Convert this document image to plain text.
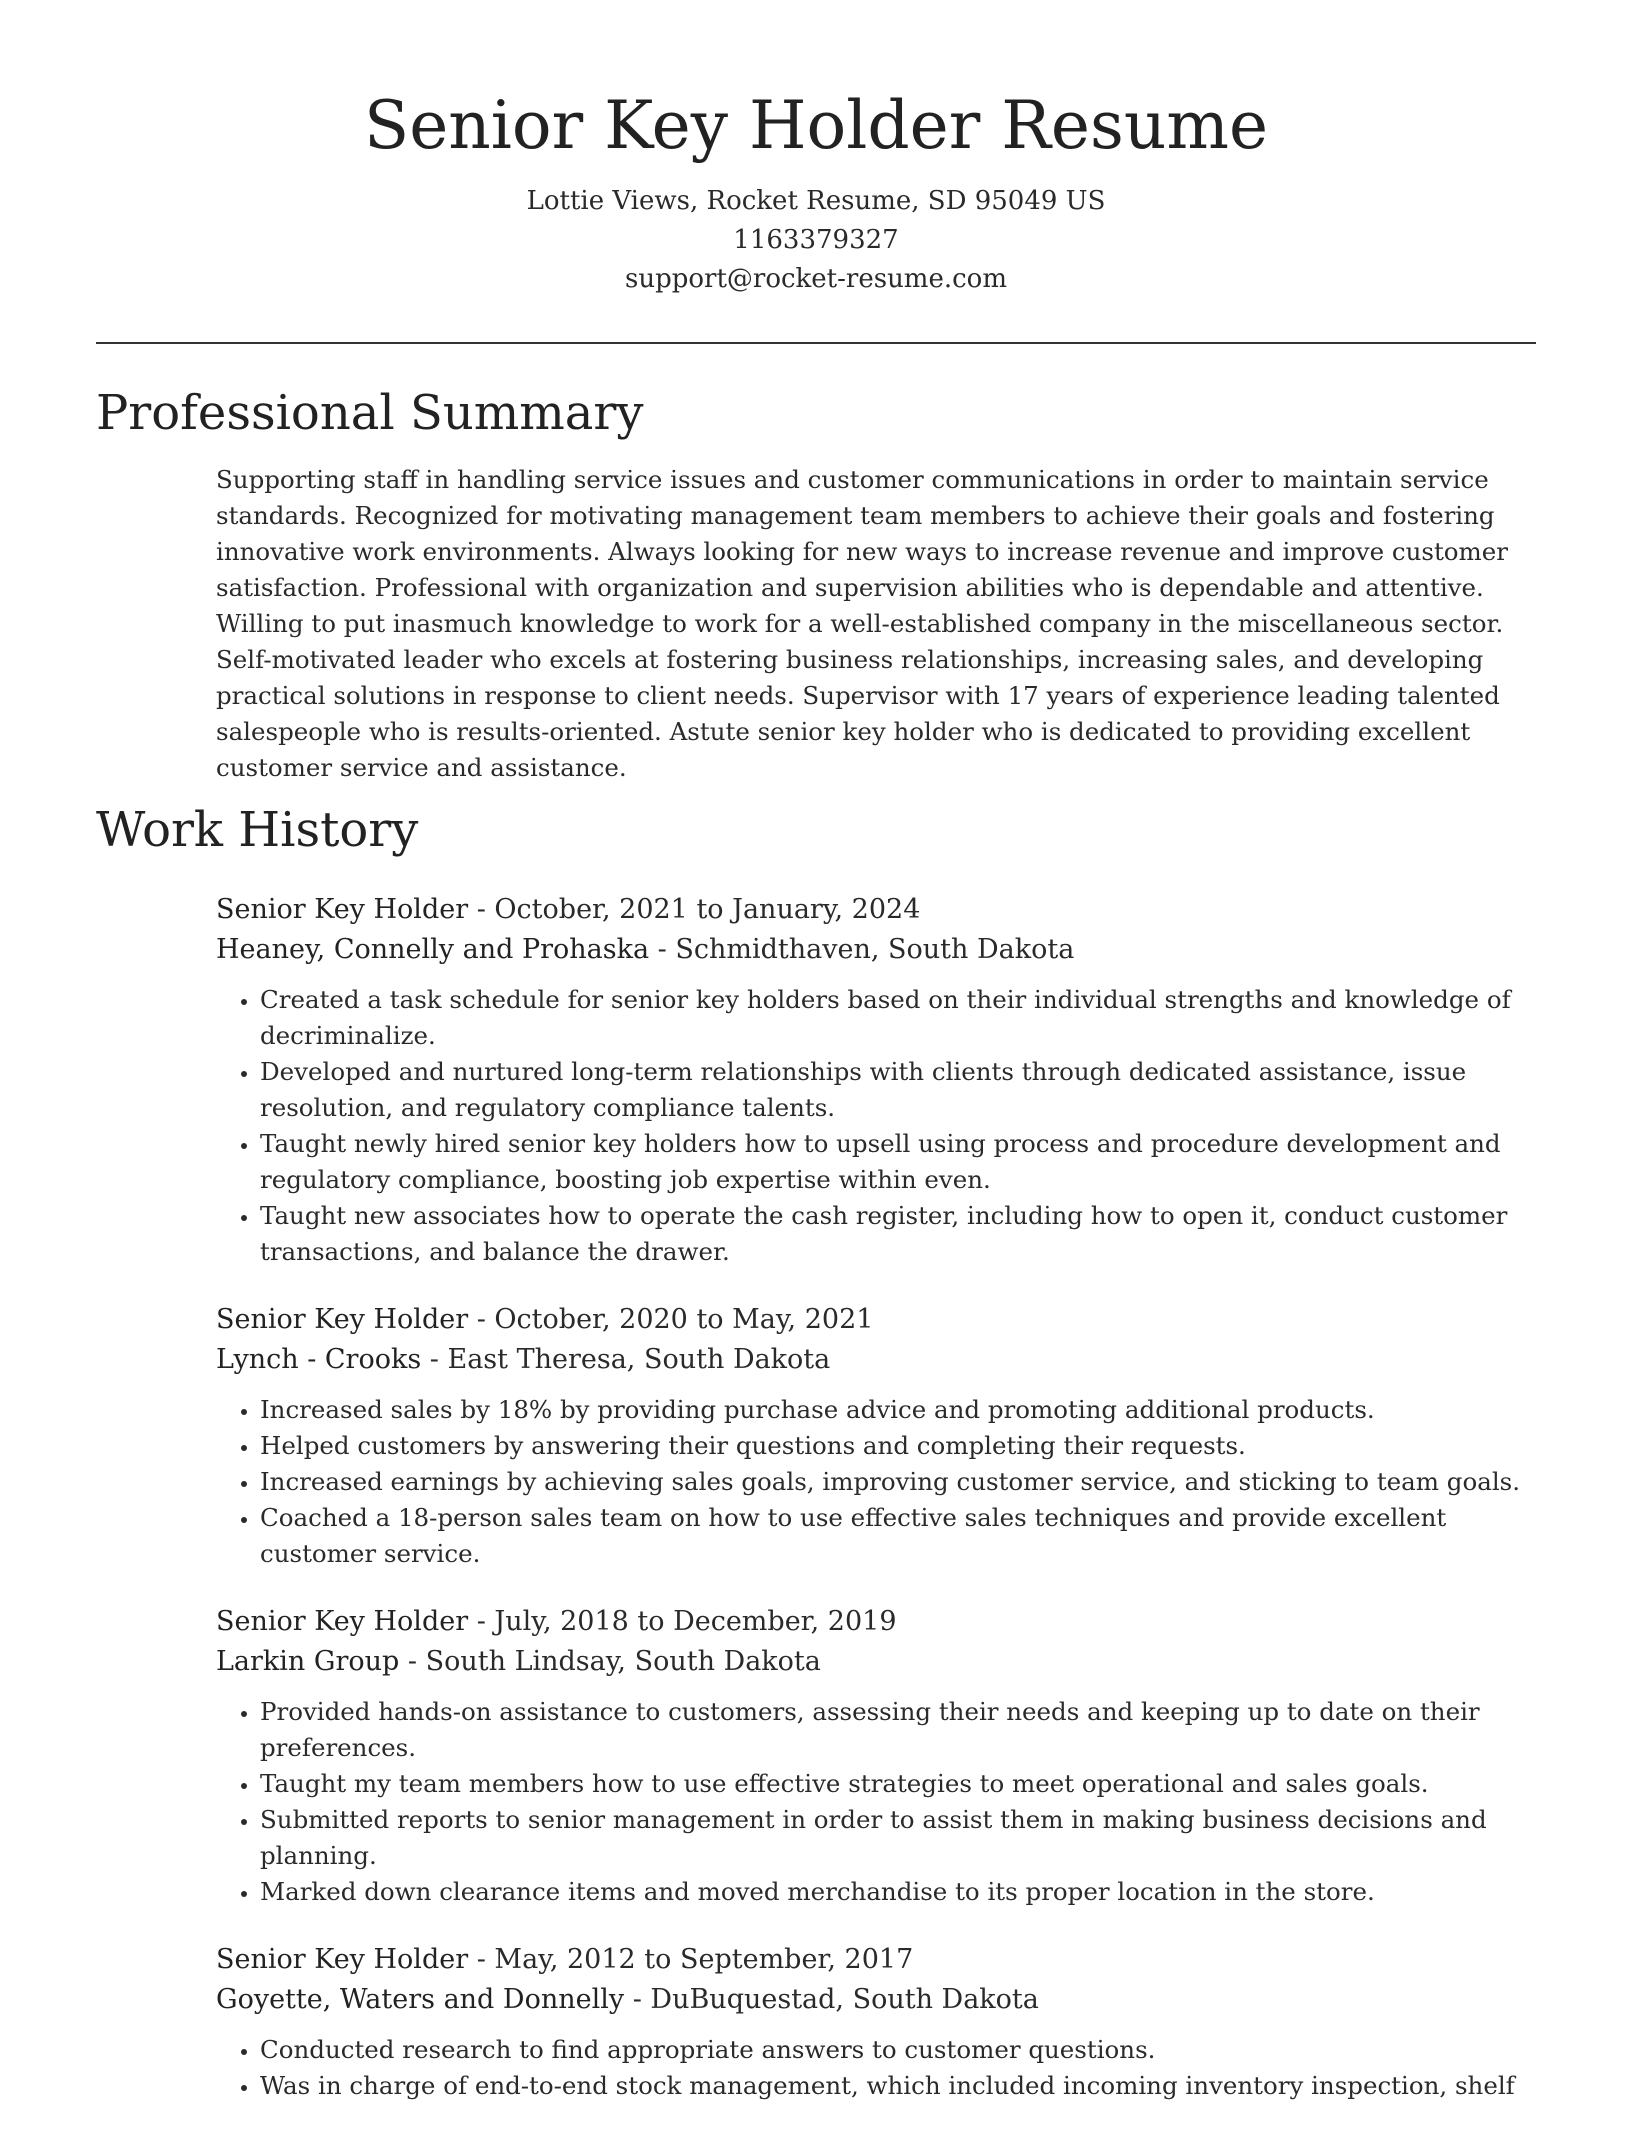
Senior Key Holder Resume
Lottie Views, Rocket Resume, SD 95049 US
1163379327
support@rocket-resume.com
Professional Summary

Supporting staff in handling service issues and customer communications in order to maintain service standards. Recognized for motivating management team members to achieve their goals and fostering innovative work environments. Always looking for new ways to increase revenue and improve customer satisfaction. Professional with organization and supervision abilities who is dependable and attentive. Willing to put inasmuch knowledge to work for a well-established company in the miscellaneous sector. Self-motivated leader who excels at fostering business relationships, increasing sales, and developing practical solutions in response to client needs. Supervisor with 17 years of experience leading talented salespeople who is results-oriented. Astute senior key holder who is dedicated to providing excellent customer service and assistance.

Work History
Senior Key Holder - October, 2021 to January, 2024
Heaney, Connelly and Prohaska - Schmidthaven, South Dakota
• Created a task schedule for senior key holders based on their individual strengths and knowledge of decriminalize.
• Developed and nurtured long-term relationships with clients through dedicated assistance, issue resolution, and regulatory compliance talents.
• Taught newly hired senior key holders how to upsell using process and procedure development and regulatory compliance, boosting job expertise within even.
• Taught new associates how to operate the cash register, including how to open it, conduct customer transactions, and balance the drawer.
Senior Key Holder - October, 2020 to May, 2021
Lynch - Crooks - East Theresa, South Dakota
• Increased sales by 18% by providing purchase advice and promoting additional products.
• Helped customers by answering their questions and completing their requests.
• Increased earnings by achieving sales goals, improving customer service, and sticking to team goals.
• Coached a 18-person sales team on how to use effective sales techniques and provide excellent customer service.
Senior Key Holder - July, 2018 to December, 2019
Larkin Group - South Lindsay, South Dakota
• Provided hands-on assistance to customers, assessing their needs and keeping up to date on their preferences.
• Taught my team members how to use effective strategies to meet operational and sales goals.
• Submitted reports to senior management in order to assist them in making business decisions and planning.
• Marked down clearance items and moved merchandise to its proper location in the store.
Senior Key Holder - May, 2012 to September, 2017
Goyette, Waters and Donnelly - DuBuquestad, South Dakota
• Conducted research to find appropriate answers to customer questions.
• Was in charge of end-to-end stock management, which included incoming inventory inspection, shelf
